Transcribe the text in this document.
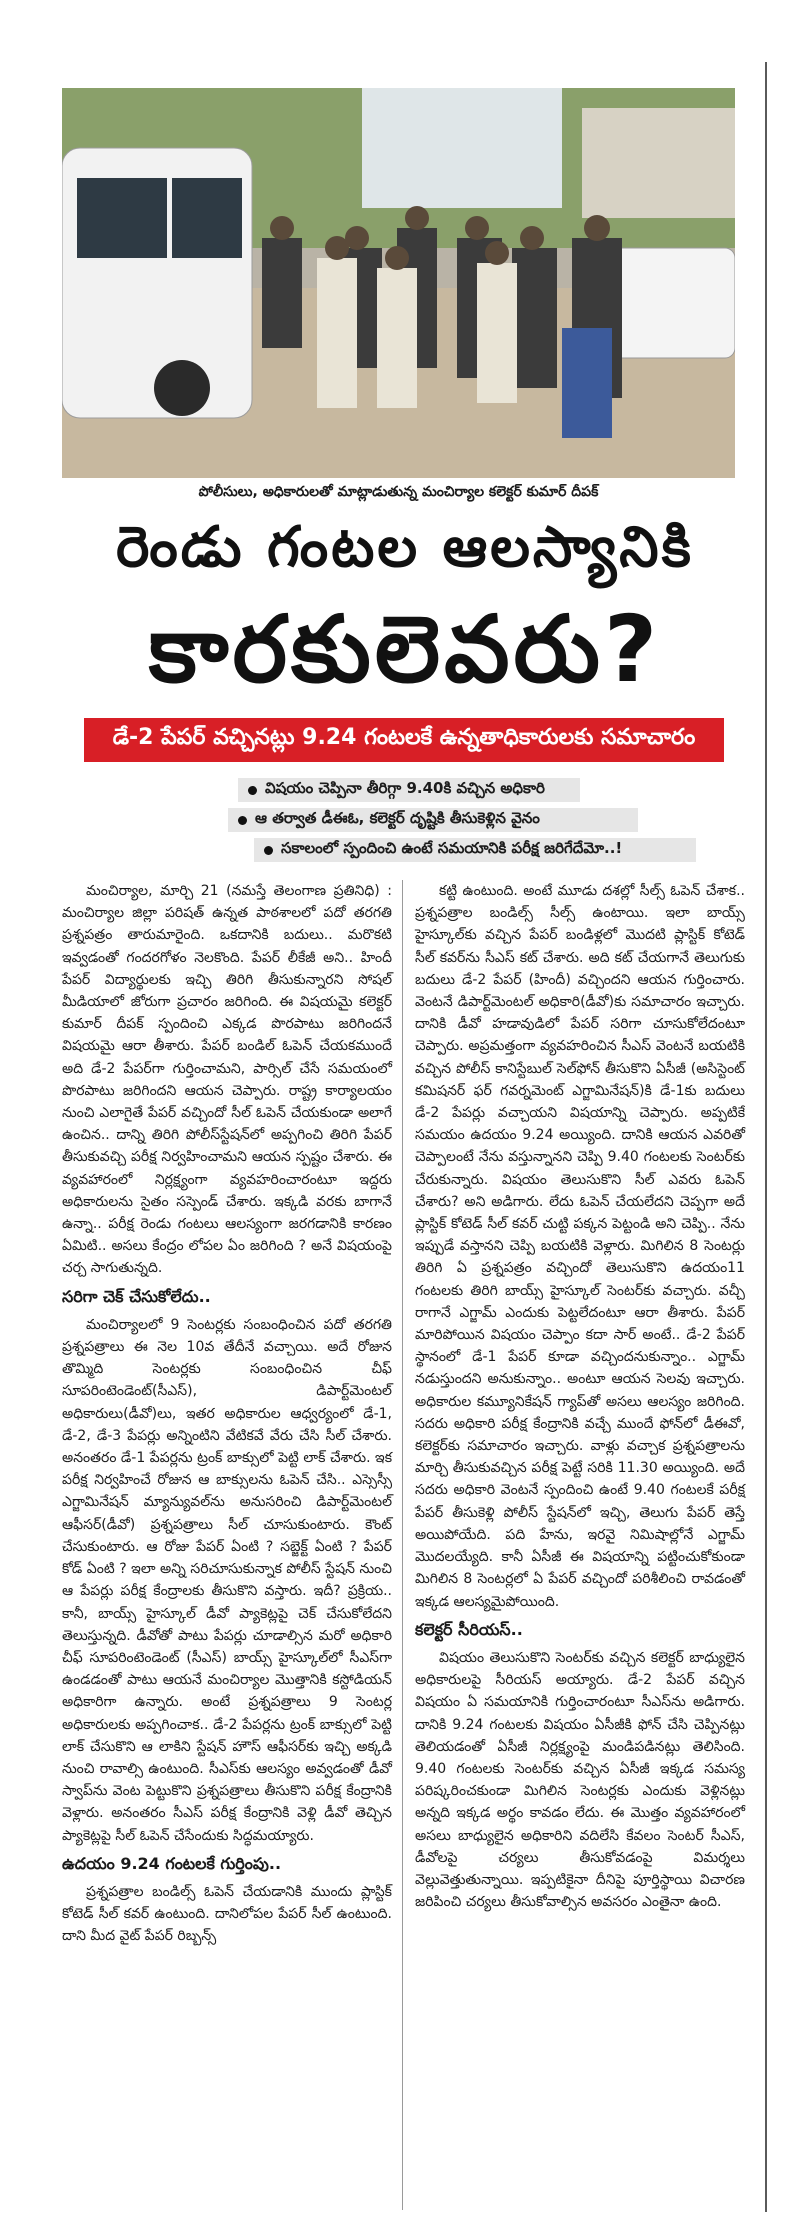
పోలీసులు, అధికారులతో మాట్లాడుతున్న మంచిర్యాల కలెక్టర్ కుమార్ దీపక్
రెండు గంటల ఆలస్యానికి
కారకులెవరు?
డే-2 పేపర్ వచ్చినట్లు 9.24 గంటలకే ఉన్నతాధికారులకు సమాచారం
విషయం చెప్పినా తీరిగ్గా 9.40కి వచ్చిన అధికారి
ఆ తర్వాత డీఈఓ, కలెక్టర్ దృష్టికి తీసుకెళ్లిన వైనం
సకాలంలో స్పందించి ఉంటే సమయానికి పరీక్ష జరిగేదేమో..!

మంచిర్యాల, మార్చి 21 (నమస్తే తెలంగాణ ప్రతినిధి) : మంచిర్యాల జిల్లా పరిషత్ ఉన్నత పాఠశాలలో పదో తరగతి ప్రశ్నపత్రం తారుమారైంది. ఒకదానికి బదులు.. మరొకటి ఇవ్వడంతో గందరగోళం నెలకొంది. పేపర్ లీకేజీ అని.. హిందీ పేపర్ విద్యార్థులకు ఇచ్చి తిరిగి తీసుకున్నారని సోషల్ మీడియాలో జోరుగా ప్రచారం జరిగింది. ఈ విషయమై కలెక్టర్ కుమార్ దీపక్ స్పందించి ఎక్కడ పొరపాటు జరిగిందనే విషయమై ఆరా తీశారు. పేపర్ బండిల్ ఓపెన్ చేయకముందే అది డే-2 పేపర్‌గా గుర్తించామని, పార్సిల్ చేసే సమయంలో పొరపాటు జరిగిందని ఆయన చెప్పారు. రాష్ట్ర కార్యాలయం నుంచి ఎలాగైతే పేపర్ వచ్చిందో సీల్ ఓపెన్ చేయకుండా అలాగే ఉంచిన.. దాన్ని తిరిగి పోలీస్‌స్టేషన్‌లో అప్పగించి తిరిగి పేపర్ తీసుకువచ్చి పరీక్ష నిర్వహించామని ఆయన స్పష్టం చేశారు. ఈ వ్యవహారంలో నిర్లక్ష్యంగా వ్యవహరించారంటూ ఇద్దరు అధికారులను సైతం సస్పెండ్ చేశారు. ఇక్కడి వరకు బాగానే ఉన్నా.. పరీక్ష రెండు గంటలు ఆలస్యంగా జరగడానికి కారణం ఏమిటి.. అసలు కేంద్రం లోపల ఏం జరిగింది ? అనే విషయంపై చర్చ సాగుతున్నది.

సరిగా చెక్ చేసుకోలేదు..

మంచిర్యాలలో 9 సెంటర్లకు సంబంధించిన పదో తరగతి ప్రశ్నపత్రాలు ఈ నెల 10వ తేదీనే వచ్చాయి. అదే రోజున తొమ్మిది సెంటర్లకు సంబంధించిన చీఫ్ సూపరింటెండెంట్(సీఎస్), డిపార్ట్‌మెంటల్ అధికారులు(డీవో)లు, ఇతర అధికారుల ఆధ్వర్యంలో డే-1, డే-2, డే-3 పేపర్లు అన్నింటిని వేటికవే వేరు చేసి సీల్ చేశారు. అనంతరం డే-1 పేపర్లను ట్రంక్ బాక్సులో పెట్టి లాక్ చేశారు. ఇక పరీక్ష నిర్వహించే రోజున ఆ బాక్సులను ఓపెన్ చేసి.. ఎస్సెస్సీ ఎగ్జామినేషన్ మ్యాన్యువల్‌ను అనుసరించి డిపార్ట్‌మెంటల్ ఆఫీసర్(డీవో) ప్రశ్నపత్రాలు సీల్ చూసుకుంటారు. కౌంట్ చేసుకుంటారు. ఆ రోజు పేపర్ ఏంటి ? సబ్జెక్ట్ ఏంటి ? పేపర్ కోడ్ ఏంటి ? ఇలా అన్ని సరిచూసుకున్నాక పోలీస్ స్టేషన్ నుంచి ఆ పేపర్లు పరీక్ష కేంద్రాలకు తీసుకొని వస్తారు. ఇదీ? ప్రక్రియ.. కానీ, బాయ్స్ హైస్కూల్ డీవో ప్యాకెట్లపై చెక్ చేసుకోలేదని తెలుస్తున్నది. డీవోతో పాటు పేపర్లు చూడాల్సిన మరో అధికారి చీఫ్ సూపరింటెండెంట్ (సీఎస్) బాయ్స్ హైస్కూల్‌లో సీఎస్‌గా ఉండడంతో పాటు ఆయనే మంచిర్యాల మొత్తానికి కస్టోడియన్ అధికారిగా ఉన్నారు. అంటే ప్రశ్నపత్రాలు 9 సెంటర్ల అధికారులకు అప్పగించాక.. డే-2 పేపర్లను ట్రంక్ బాక్సులో పెట్టి లాక్ చేసుకొని ఆ లాకిని స్టేషన్ హౌస్ ఆఫీసర్‌కు ఇచ్చి అక్కడి నుంచి రావాల్సి ఉంటుంది. సీఎస్‌కు ఆలస్యం అవ్వడంతో డీవో స్వాప్‌ను వెంట పెట్టుకొని ప్రశ్నపత్రాలు తీసుకొని పరీక్ష కేంద్రానికి వెళ్లారు. అనంతరం సీఎస్ పరీక్ష కేంద్రానికి వెళ్లి డీవో తెచ్చిన ప్యాకెట్లపై సీల్ ఓపెన్ చేసేందుకు సిద్ధమయ్యారు.

ఉదయం 9.24 గంటలకే గుర్తింపు..

ప్రశ్నపత్రాల బండిల్స్ ఓపెన్ చేయడానికి ముందు ప్లాస్టిక్ కోటెడ్ సీల్ కవర్ ఉంటుంది. దానిలోపల పేపర్ సీల్ ఉంటుంది. దాని మీద వైట్ పేపర్ రిబ్బన్స్

కట్టి ఉంటుంది. అంటే మూడు దశల్లో సీల్స్ ఓపెన్ చేశాక.. ప్రశ్నపత్రాల బండిల్స్ సీల్స్ ఉంటాయి. ఇలా బాయ్స్ హైస్కూల్‌కు వచ్చిన పేపర్ బండిళ్లలో మొదటి ప్లాస్టిక్ కోటెడ్ సీల్ కవర్‌ను సీఎస్ కట్ చేశారు. అది కట్ చేయగానే తెలుగుకు బదులు డే-2 పేపర్ (హిందీ) వచ్చిందని ఆయన గుర్తించారు. వెంటనే డిపార్ట్‌మెంటల్ అధికారి(డీవో)కు సమాచారం ఇచ్చారు. దానికి డీవో హడావుడిలో పేపర్ సరిగా చూసుకోలేదంటూ చెప్పారు. అప్రమత్తంగా వ్యవహరించిన సీఎస్ వెంటనే బయటికి వచ్చిన పోలీస్ కానిస్టేబుల్ సెల్‌ఫోన్ తీసుకొని ఏసీజీ (అసిస్టెంట్ కమిషనర్ ఫర్ గవర్నమెంట్ ఎగ్జామినేషన్)కి డే-1కు బదులు డే-2 పేపర్లు వచ్చాయని విషయాన్ని చెప్పారు. అప్పటికే సమయం ఉదయం 9.24 అయ్యింది. దానికి ఆయన ఎవరితో చెప్పాలంటే నేను వస్తున్నానని చెప్పి 9.40 గంటలకు సెంటర్‌కు చేరుకున్నారు. విషయం తెలుసుకొని సీల్ ఎవరు ఓపెన్ చేశారు? అని అడిగారు. లేదు ఓపెన్ చేయలేదని చెప్పగా అదే ప్లాస్టిక్ కోటెడ్ సీల్ కవర్ చుట్టి పక్కన పెట్టండి అని చెప్పి.. నేను ఇప్పుడే వస్తానని చెప్పి బయటికి వెళ్లారు. మిగిలిన 8 సెంటర్లు తిరిగి ఏ ప్రశ్నపత్రం వచ్చిందో తెలుసుకొని ఉదయం11 గంటలకు తిరిగి బాయ్స్ హైస్కూల్ సెంటర్‌కు వచ్చారు. వచ్చీ రాగానే ఎగ్జామ్ ఎందుకు పెట్టలేదంటూ ఆరా తీశారు. పేపర్ మారిపోయిన విషయం చెప్పాం కదా సార్ అంటే.. డే-2 పేపర్ స్థానంలో డే-1 పేపర్ కూడా వచ్చిందనుకున్నాం.. ఎగ్జామ్ నడుస్తుందని అనుకున్నాం.. అంటూ ఆయన సెలవు ఇచ్చారు. అధికారుల కమ్యూనికేషన్ గ్యాప్‌తో అసలు ఆలస్యం జరిగింది. సదరు అధికారి పరీక్ష కేంద్రానికి వచ్చే ముందే ఫోన్‌లో డీఈవో, కలెక్టర్‌కు సమాచారం ఇచ్చారు. వాళ్లు వచ్చాక ప్రశ్నపత్రాలను మార్చి తీసుకువచ్చిన పరీక్ష పెట్టే సరికి 11.30 అయ్యింది. అదే సదరు అధికారి వెంటనే స్పందించి ఉంటే 9.40 గంటలకే పరీక్ష పేపర్ తీసుకెళ్లి పోలీస్ స్టేషన్‌లో ఇచ్చి, తెలుగు పేపర్ తెస్తే అయిపోయేది. పది హేను, ఇరవై నిమిషాల్లోనే ఎగ్జామ్ మొదలయ్యేది. కానీ ఏసీజీ ఈ విషయాన్ని పట్టించుకోకుండా మిగిలిన 8 సెంటర్లలో ఏ పేపర్ వచ్చిందో పరిశీలించి రావడంతో ఇక్కడ ఆలస్యమైపోయింది.

కలెక్టర్ సీరియస్..

విషయం తెలుసుకొని సెంటర్‌కు వచ్చిన కలెక్టర్ బాధ్యులైన అధికారులపై సీరియస్ అయ్యారు. డే-2 పేపర్ వచ్చిన విషయం ఏ సమయానికి గుర్తించారంటూ సీఎస్‌ను అడిగారు. దానికి 9.24 గంటలకు విషయం ఏసీజీకి ఫోన్ చేసి చెప్పినట్లు తెలియడంతో ఏసీజీ నిర్లక్ష్యంపై మండిపడినట్లు తెలిసింది. 9.40 గంటలకు సెంటర్‌కు వచ్చిన ఏసీజీ ఇక్కడ సమస్య పరిష్కరించకుండా మిగిలిన సెంటర్లకు ఎందుకు వెళ్లినట్లు అన్నది ఇక్కడ అర్థం కావడం లేదు. ఈ మొత్తం వ్యవహారంలో అసలు బాధ్యులైన అధికారిని వదిలేసి కేవలం సెంటర్ సీఎస్, డీవోలపై చర్యలు తీసుకోవడంపై విమర్శలు వెల్లువెత్తుతున్నాయి. ఇప్పటికైనా దీనిపై పూర్తిస్థాయి విచారణ జరిపించి చర్యలు తీసుకోవాల్సిన అవసరం ఎంతైనా ఉంది.
